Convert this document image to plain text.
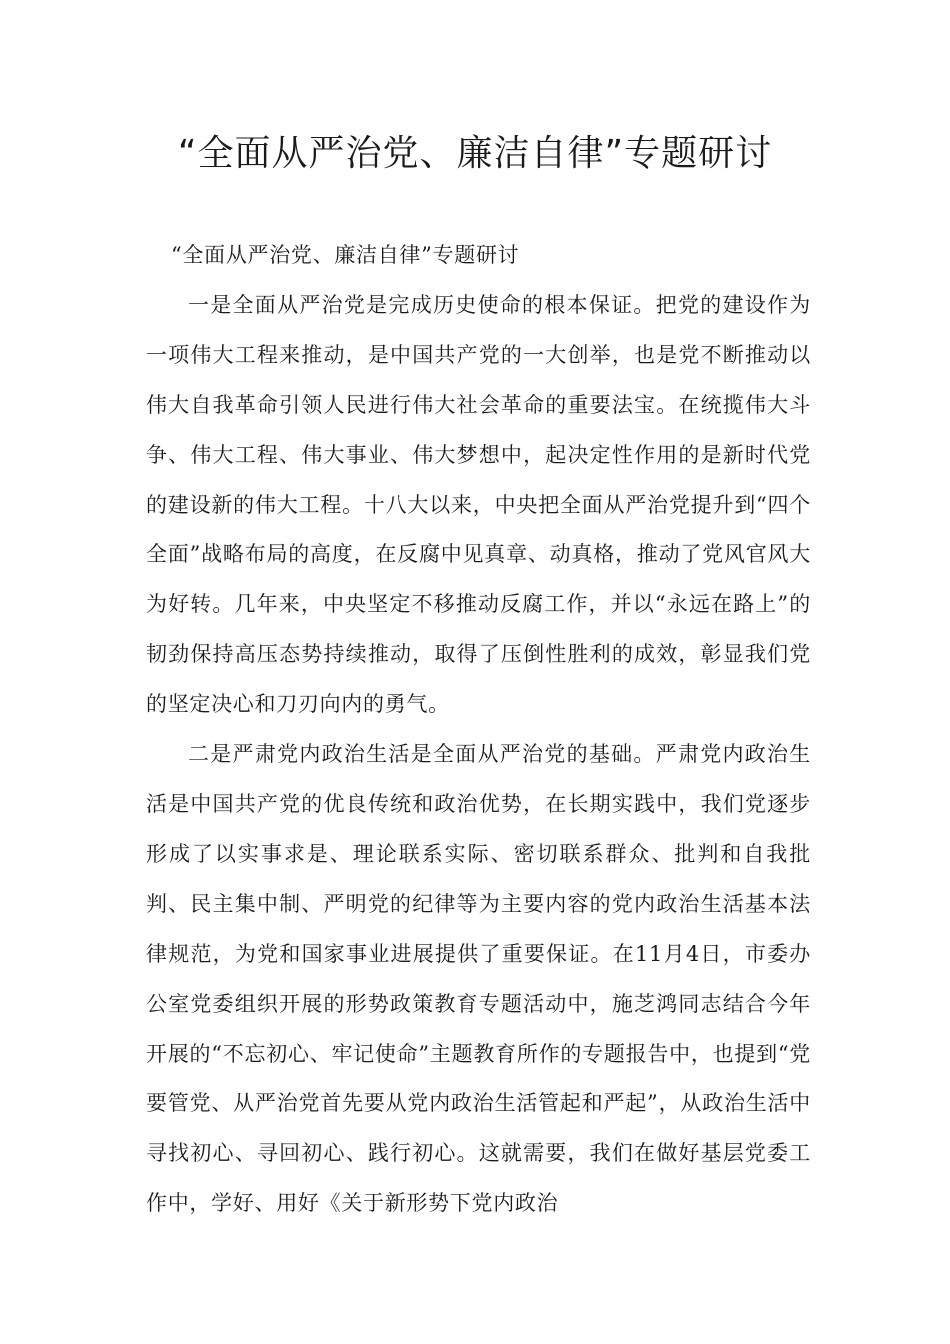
“全面从严治党、廉洁自律”专题研讨

“全面从严治党、廉洁自律”专题研讨

一是全面从严治党是完成历史使命的根本保证。把党的建设作为一项伟大工程来推动，是中国共产党的一大创举，也是党不断推动以伟大自我革命引领人民进行伟大社会革命的重要法宝。在统揽伟大斗争、伟大工程、伟大事业、伟大梦想中，起决定性作用的是新时代党的建设新的伟大工程。十八大以来，中央把全面从严治党提升到“四个全面”战略布局的高度，在反腐中见真章、动真格，推动了党风官风大为好转。几年来，中央坚定不移推动反腐工作，并以“永远在路上”的韧劲保持高压态势持续推动，取得了压倒性胜利的成效，彰显我们党的坚定决心和刀刃向内的勇气。

二是严肃党内政治生活是全面从严治党的基础。严肃党内政治生活是中国共产党的优良传统和政治优势，在长期实践中，我们党逐步形成了以实事求是、理论联系实际、密切联系群众、批判和自我批判、民主集中制、严明党的纪律等为主要内容的党内政治生活基本法律规范，为党和国家事业进展提供了重要保证。在11月4日，市委办公室党委组织开展的形势政策教育专题活动中，施芝鸿同志结合今年开展的“不忘初心、牢记使命”主题教育所作的专题报告中，也提到“党要管党、从严治党首先要从党内政治生活管起和严起”，从政治生活中寻找初心、寻回初心、践行初心。这就需要，我们在做好基层党委工作中，学好、用好《关于新形势下党内政治
